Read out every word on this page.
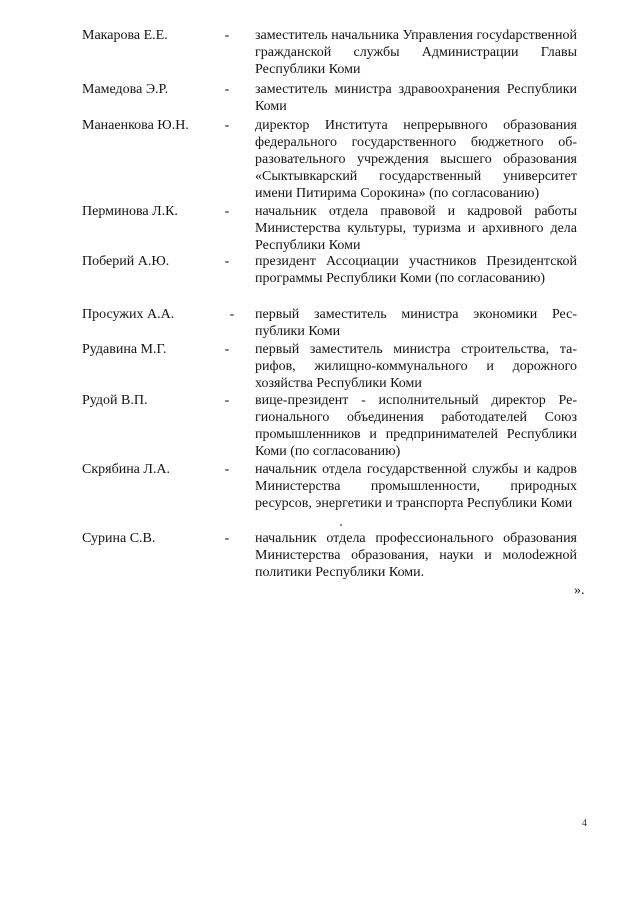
Макарова Е.Е.	- заместитель начальника Управления госуdарственной гражданской службы Администрации Главы Республики Коми
Мамедова Э.Р.	- заместитель министра здравоохранения Республики Коми
Манаенкова Ю.Н.	- директор Института непрерывного образования федерального государственного бюджетного образовательного учреждения высшего образования «Сыктывкарский государственный университет имени Питирима Сорокина» (по согласованию)
Перминова Л.К.	- начальник отдела правовой и кадровой работы Министерства культуры, туризма и архивного дела Республики Коми
Поберий А.Ю.	- президент Ассоциации участников Президентской программы Республики Коми (по согласованию)
Просужих А.А.	- первый заместитель министра экономики Республики Коми
Рудавина М.Г.	- первый заместитель министра строительства, тарифов, жилищно-коммунального и дорожного хозяйства Республики Коми
Рудой В.П.	- вице-президент - исполнительный директор Регионального объединения работодателей Союз промышленников и предпринимателей Республики Коми (по согласованию)
Скрябина Л.А.	- начальник отдела государственной службы и кадров Министерства промышленности, природных ресурсов, энергетики и транспорта Республики Коми
Сурина С.В.	- начальник отдела профессионального образования Министерства образования, науки и молоdежной политики Республики Коми.
».
4
